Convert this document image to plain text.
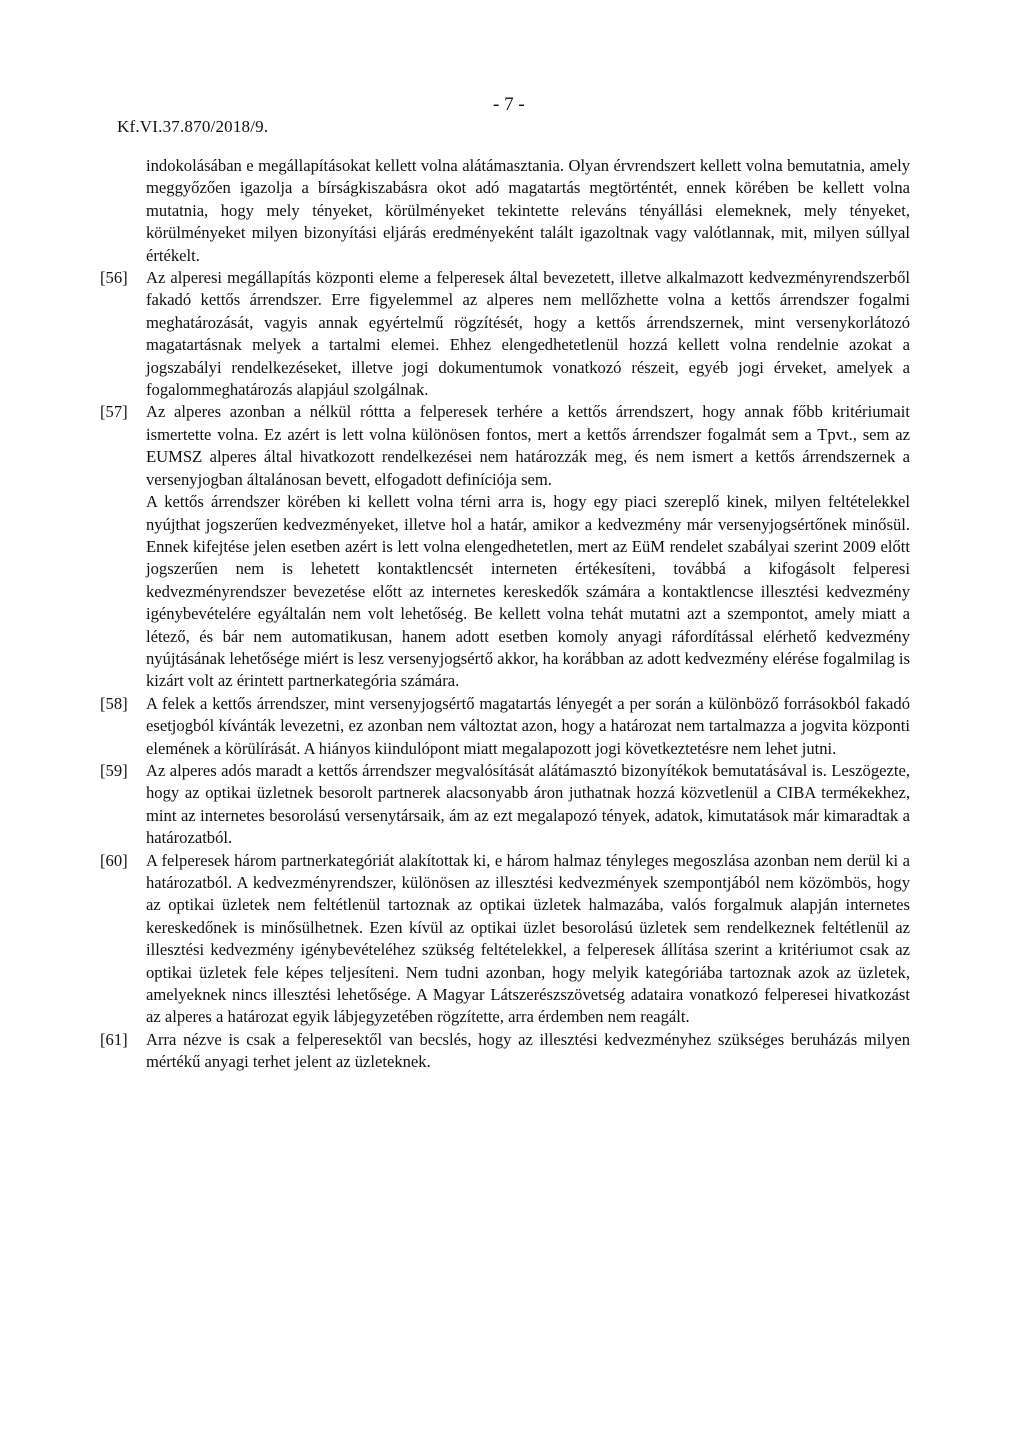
Kf.VI.37.870/2018/9.
- 7 -

indokolásában e megállapításokat kellett volna alátámasztania. Olyan érvrendszert kellett volna bemutatnia, amely meggyőzően igazolja a bírságkiszabásra okot adó magatartás megtörténtét, ennek körében be kellett volna mutatnia, hogy mely tényeket, körülményeket tekintette releváns tényállási elemeknek, mely tényeket, körülményeket milyen bizonyítási eljárás eredményeként talált igazoltnak vagy valótlannak, mit, milyen súllyal értékelt.

[56]	Az alperesi megállapítás központi eleme a felperesek által bevezetett, illetve alkalmazott kedvezményrendszerből fakadó kettős árrendszer. Erre figyelemmel az alperes nem mellőzhette volna a kettős árrendszer fogalmi meghatározását, vagyis annak egyértelmű rögzítését, hogy a kettős árrendszernek, mint versenykorlátozó magatartásnak melyek a tartalmi elemei. Ehhez elengedhetetlenül hozzá kellett volna rendelnie azokat a jogszabályi rendelkezéseket, illetve jogi dokumentumok vonatkozó részeit, egyéb jogi érveket, amelyek a fogalommeghatározás alapjául szolgálnak.
[57]	Az alperes azonban a nélkül róttta a felperesek terhére a kettős árrendszert, hogy annak főbb kritériumait ismertette volna. Ez azért is lett volna különösen fontos, mert a kettős árrendszer fogalmát sem a Tpvt., sem az EUMSZ alperes által hivatkozott rendelkezései nem határozzák meg, és nem ismert a kettős árrendszernek a versenyjogban általánosan bevett, elfogadott definíciója sem.
A kettős árrendszer körében ki kellett volna térni arra is, hogy egy piaci szereplő kinek, milyen feltételekkel nyújthat jogszerűen kedvezményeket, illetve hol a határ, amikor a kedvezmény már versenyjogsértőnek minősül. Ennek kifejtése jelen esetben azért is lett volna elengedhetetlen, mert az EüM rendelet szabályai szerint 2009 előtt jogszerűen nem is lehetett kontaktlencsét interneten értékesíteni, továbbá a kifogásolt felperesi kedvezményrendszer bevezetése előtt az internetes kereskedők számára a kontaktlencse illesztési kedvezmény igénybevételére egyáltalán nem volt lehetőség. Be kellett volna tehát mutatni azt a szempontot, amely miatt a létező, és bár nem automatikusan, hanem adott esetben komoly anyagi ráfordítással elérhető kedvezmény nyújtásának lehetősége miért is lesz versenyjogsértő akkor, ha korábban az adott kedvezmény elérése fogalmilag is kizárt volt az érintett partnerkategória számára.
[58]	A felek a kettős árrendszer, mint versenyjogsértő magatartás lényegét a per során a különböző forrásokból fakadó esetjogból kívánták levezetni, ez azonban nem változtat azon, hogy a határozat nem tartalmazza a jogvita központi elemének a körülírását. A hiányos kiindulópont miatt megalapozott jogi következtetésre nem lehet jutni.
[59]	Az alperes adós maradt a kettős árrendszer megvalósítását alátámasztó bizonyítékok bemutatásával is. Leszögezte, hogy az optikai üzletnek besorolt partnerek alacsonyabb áron juthatnak hozzá közvetlenül a CIBA termékekhez, mint az internetes besorolású versenytársaik, ám az ezt megalapozó tények, adatok, kimutatások már kimaradtak a határozatból.
[60]	A felperesek három partnerkategóriát alakítottak ki, e három halmaz tényleges megoszlása azonban nem derül ki a határozatból. A kedvezményrendszer, különösen az illesztési kedvezmények szempontjából nem közömbös, hogy az optikai üzletek nem feltétlenül tartoznak az optikai üzletek halmazába, valós forgalmuk alapján internetes kereskedőnek is minősülhetnek. Ezen kívül az optikai üzlet besorolású üzletek sem rendelkeznek feltétlenül az illesztési kedvezmény igénybevételéhez szükség feltételekkel, a felperesek állítása szerint a kritériumot csak az optikai üzletek fele képes teljesíteni. Nem tudni azonban, hogy melyik kategóriába tartoznak azok az üzletek, amelyeknek nincs illesztési lehetősége. A Magyar Látszerészszövetség adataira vonatkozó felperesei hivatkozást az alperes a határozat egyik lábjegyzetében rögzítette, arra érdemben nem reagált.
[61]	Arra nézve is csak a felperesektől van becslés, hogy az illesztési kedvezményhez szükséges beruházás milyen mértékű anyagi terhet jelent az üzleteknek.
